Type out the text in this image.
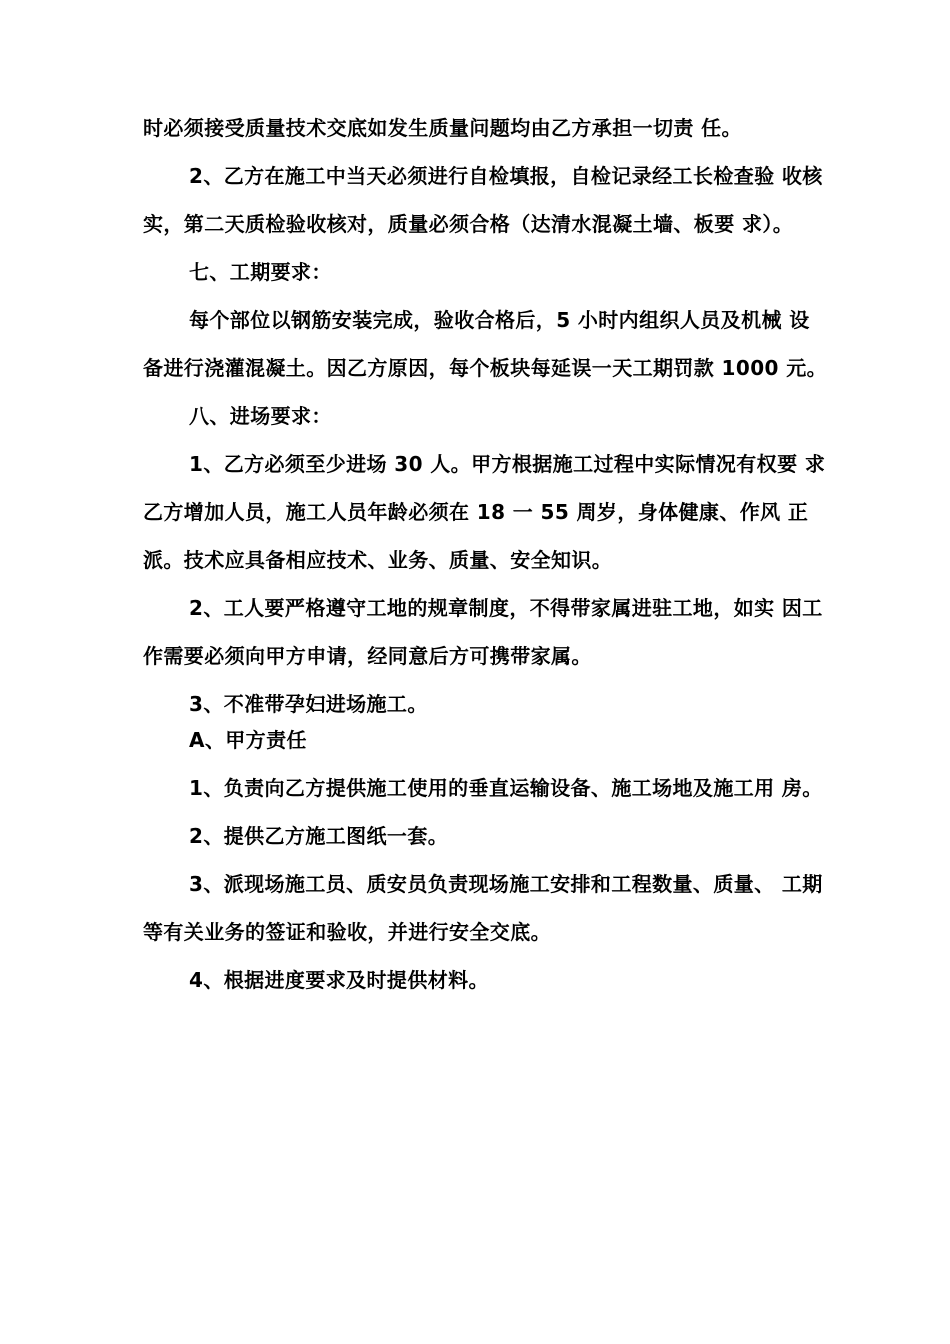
时必须接受质量技术交底如发生质量问题均由乙方承担一切责 任。

2、乙方在施工中当天必须进行自检填报，自检记录经工长检查验 收核
实，第二天质检验收核对，质量必须合格（达清水混凝土墙、板要 求）。

七、工期要求：

每个部位以钢筋安装完成，验收合格后，5 小时内组织人员及机械 设
备进行浇灌混凝土。因乙方原因，每个板块每延误一天工期罚款 1000 元。

八、进场要求：

1、乙方必须至少进场 30 人。甲方根据施工过程中实际情况有权要 求
乙方增加人员，施工人员年龄必须在 18 一 55 周岁，身体健康、作风 正
派。技术应具备相应技术、业务、质量、安全知识。

2、工人要严格遵守工地的规章制度，不得带家属进驻工地，如实 因工
作需要必须向甲方申请，经同意后方可携带家属。

3、不准带孕妇进场施工。

A、甲方责任

1、负责向乙方提供施工使用的垂直运输设备、施工场地及施工用 房。

2、提供乙方施工图纸一套。

3、派现场施工员、质安员负责现场施工安排和工程数量、质量、 工期
等有关业务的签证和验收，并进行安全交底。

4、根据进度要求及时提供材料。
